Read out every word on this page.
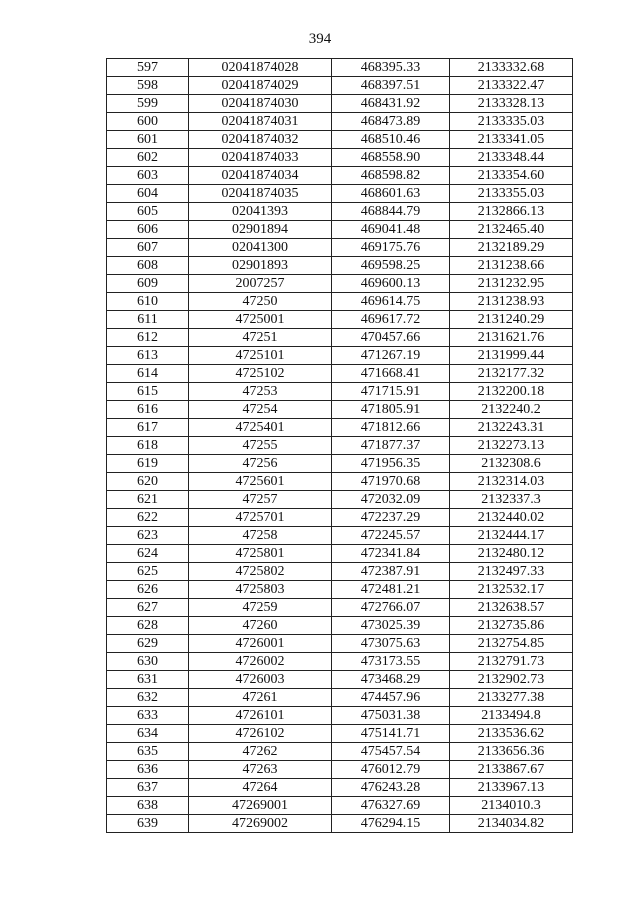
394
597	02041874028	468395.33	2133332.68
598	02041874029	468397.51	2133322.47
599	02041874030	468431.92	2133328.13
600	02041874031	468473.89	2133335.03
601	02041874032	468510.46	2133341.05
602	02041874033	468558.90	2133348.44
603	02041874034	468598.82	2133354.60
604	02041874035	468601.63	2133355.03
605	02041393	468844.79	2132866.13
606	02901894	469041.48	2132465.40
607	02041300	469175.76	2132189.29
608	02901893	469598.25	2131238.66
609	2007257	469600.13	2131232.95
610	47250	469614.75	2131238.93
611	4725001	469617.72	2131240.29
612	47251	470457.66	2131621.76
613	4725101	471267.19	2131999.44
614	4725102	471668.41	2132177.32
615	47253	471715.91	2132200.18
616	47254	471805.91	2132240.2
617	4725401	471812.66	2132243.31
618	47255	471877.37	2132273.13
619	47256	471956.35	2132308.6
620	4725601	471970.68	2132314.03
621	47257	472032.09	2132337.3
622	4725701	472237.29	2132440.02
623	47258	472245.57	2132444.17
624	4725801	472341.84	2132480.12
625	4725802	472387.91	2132497.33
626	4725803	472481.21	2132532.17
627	47259	472766.07	2132638.57
628	47260	473025.39	2132735.86
629	4726001	473075.63	2132754.85
630	4726002	473173.55	2132791.73
631	4726003	473468.29	2132902.73
632	47261	474457.96	2133277.38
633	4726101	475031.38	2133494.8
634	4726102	475141.71	2133536.62
635	47262	475457.54	2133656.36
636	47263	476012.79	2133867.67
637	47264	476243.28	2133967.13
638	47269001	476327.69	2134010.3
639	47269002	476294.15	2134034.82
